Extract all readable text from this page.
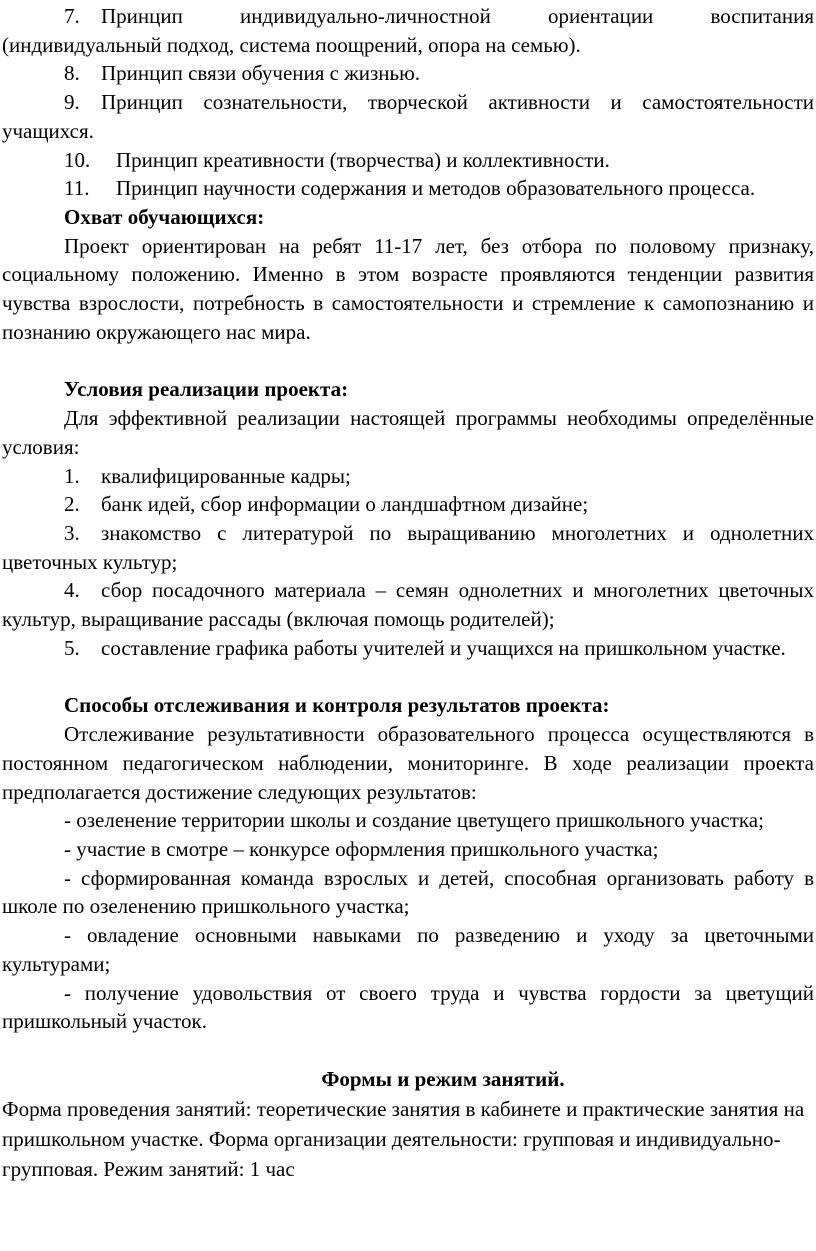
7. Принцип индивидуально-личностной ориентации воспитания (индивидуальный подход, система поощрений, опора на семью).

8. Принцип связи обучения с жизнью.

9. Принцип сознательности, творческой активности и самостоятельности учащихся.

10. Принцип креативности (творчества) и коллективности.

11. Принцип научности содержания и методов образовательного процесса.

Охват обучающихся:

Проект ориентирован на ребят 11-17 лет, без отбора по половому признаку, социальному положению. Именно в этом возрасте проявляются тенденции развития чувства взрослости, потребность в самостоятельности и стремление к самопознанию и познанию окружающего нас мира.

Условия реализации проекта:

Для эффективной реализации настоящей программы необходимы определённые условия:

1. квалифицированные кадры;

2. банк идей, сбор информации о ландшафтном дизайне;

3. знакомство с литературой по выращиванию многолетних и однолетних цветочных культур;

4. сбор посадочного материала – семян однолетних и многолетних цветочных культур, выращивание рассады (включая помощь родителей);

5. составление графика работы учителей и учащихся на пришкольном участке.

Способы отслеживания и контроля результатов проекта:

Отслеживание результативности образовательного процесса осуществляются в постоянном педагогическом наблюдении, мониторинге. В ходе реализации проекта предполагается достижение следующих результатов:

- озеленение территории школы и создание цветущего пришкольного участка;

- участие в смотре – конкурсе оформления пришкольного участка;

- сформированная команда взрослых и детей, способная организовать работу в школе по озеленению пришкольного участка;

- овладение основными навыками по разведению и уходу за цветочными культурами;

- получение удовольствия от своего труда и чувства гордости за цветущий пришкольный участок.

Формы и режим занятий.

Форма проведения занятий: теоретические занятия в кабинете и практические занятия на пришкольном участке. Форма организации деятельности: групповая и индивидуально-групповая. Режим занятий: 1 час
